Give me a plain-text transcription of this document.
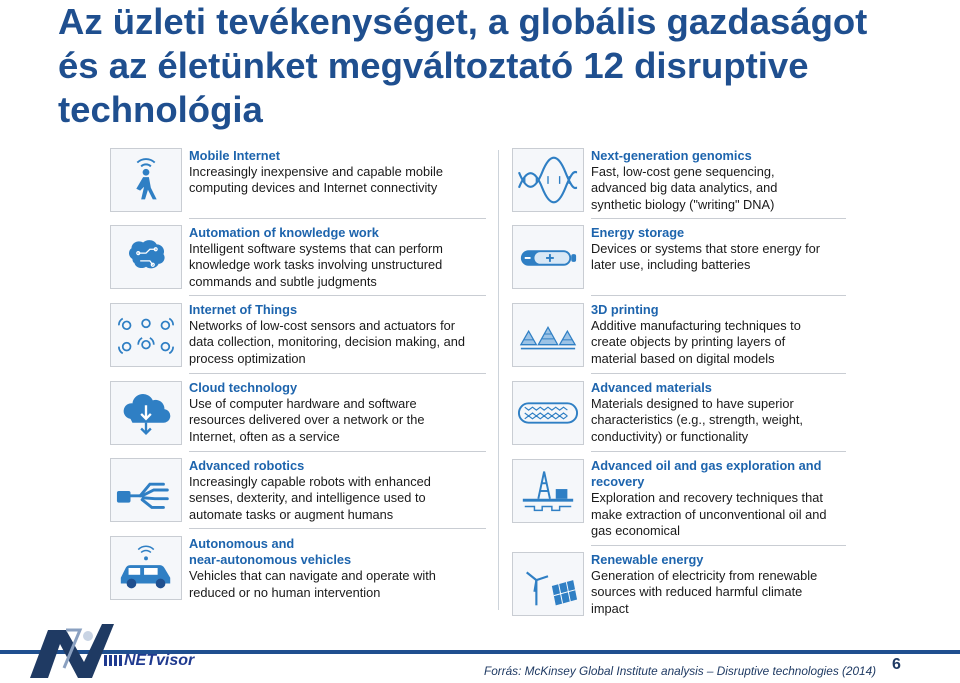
Az üzleti tevékenységet, a globális gazdaságot
és az életünket megváltoztató 12 disruptive
technológia
Mobile Internet
Increasingly inexpensive and capable mobile
computing devices and Internet connectivity
Automation of knowledge work
Intelligent software systems that can perform
knowledge work tasks involving unstructured
commands and subtle judgments
Internet of Things
Networks of low-cost sensors and actuators for
data collection, monitoring, decision making, and
process optimization
Cloud technology
Use of computer hardware and software
resources delivered over a network or the
Internet, often as a service
Advanced robotics
Increasingly capable robots with enhanced
senses, dexterity, and intelligence used to
automate tasks or augment humans
Autonomous and
near-autonomous vehicles
Vehicles that can navigate and operate with
reduced or no human intervention
Next-generation genomics
Fast, low-cost gene sequencing,
advanced big data analytics, and
synthetic biology ("writing" DNA)
Energy storage
Devices or systems that store energy for
later use, including batteries
3D printing
Additive manufacturing techniques to
create objects by printing layers of
material based on digital models
Advanced materials
Materials designed to have superior
characteristics (e.g., strength, weight,
conductivity) or functionality
Advanced oil and gas exploration and
recovery
Exploration and recovery techniques that
make extraction of unconventional oil and
gas economical
Renewable energy
Generation of electricity from renewable
sources with reduced harmful climate
impact
NETvisor
Forrás: McKinsey Global Institute analysis – Disruptive technologies (2014) 6
